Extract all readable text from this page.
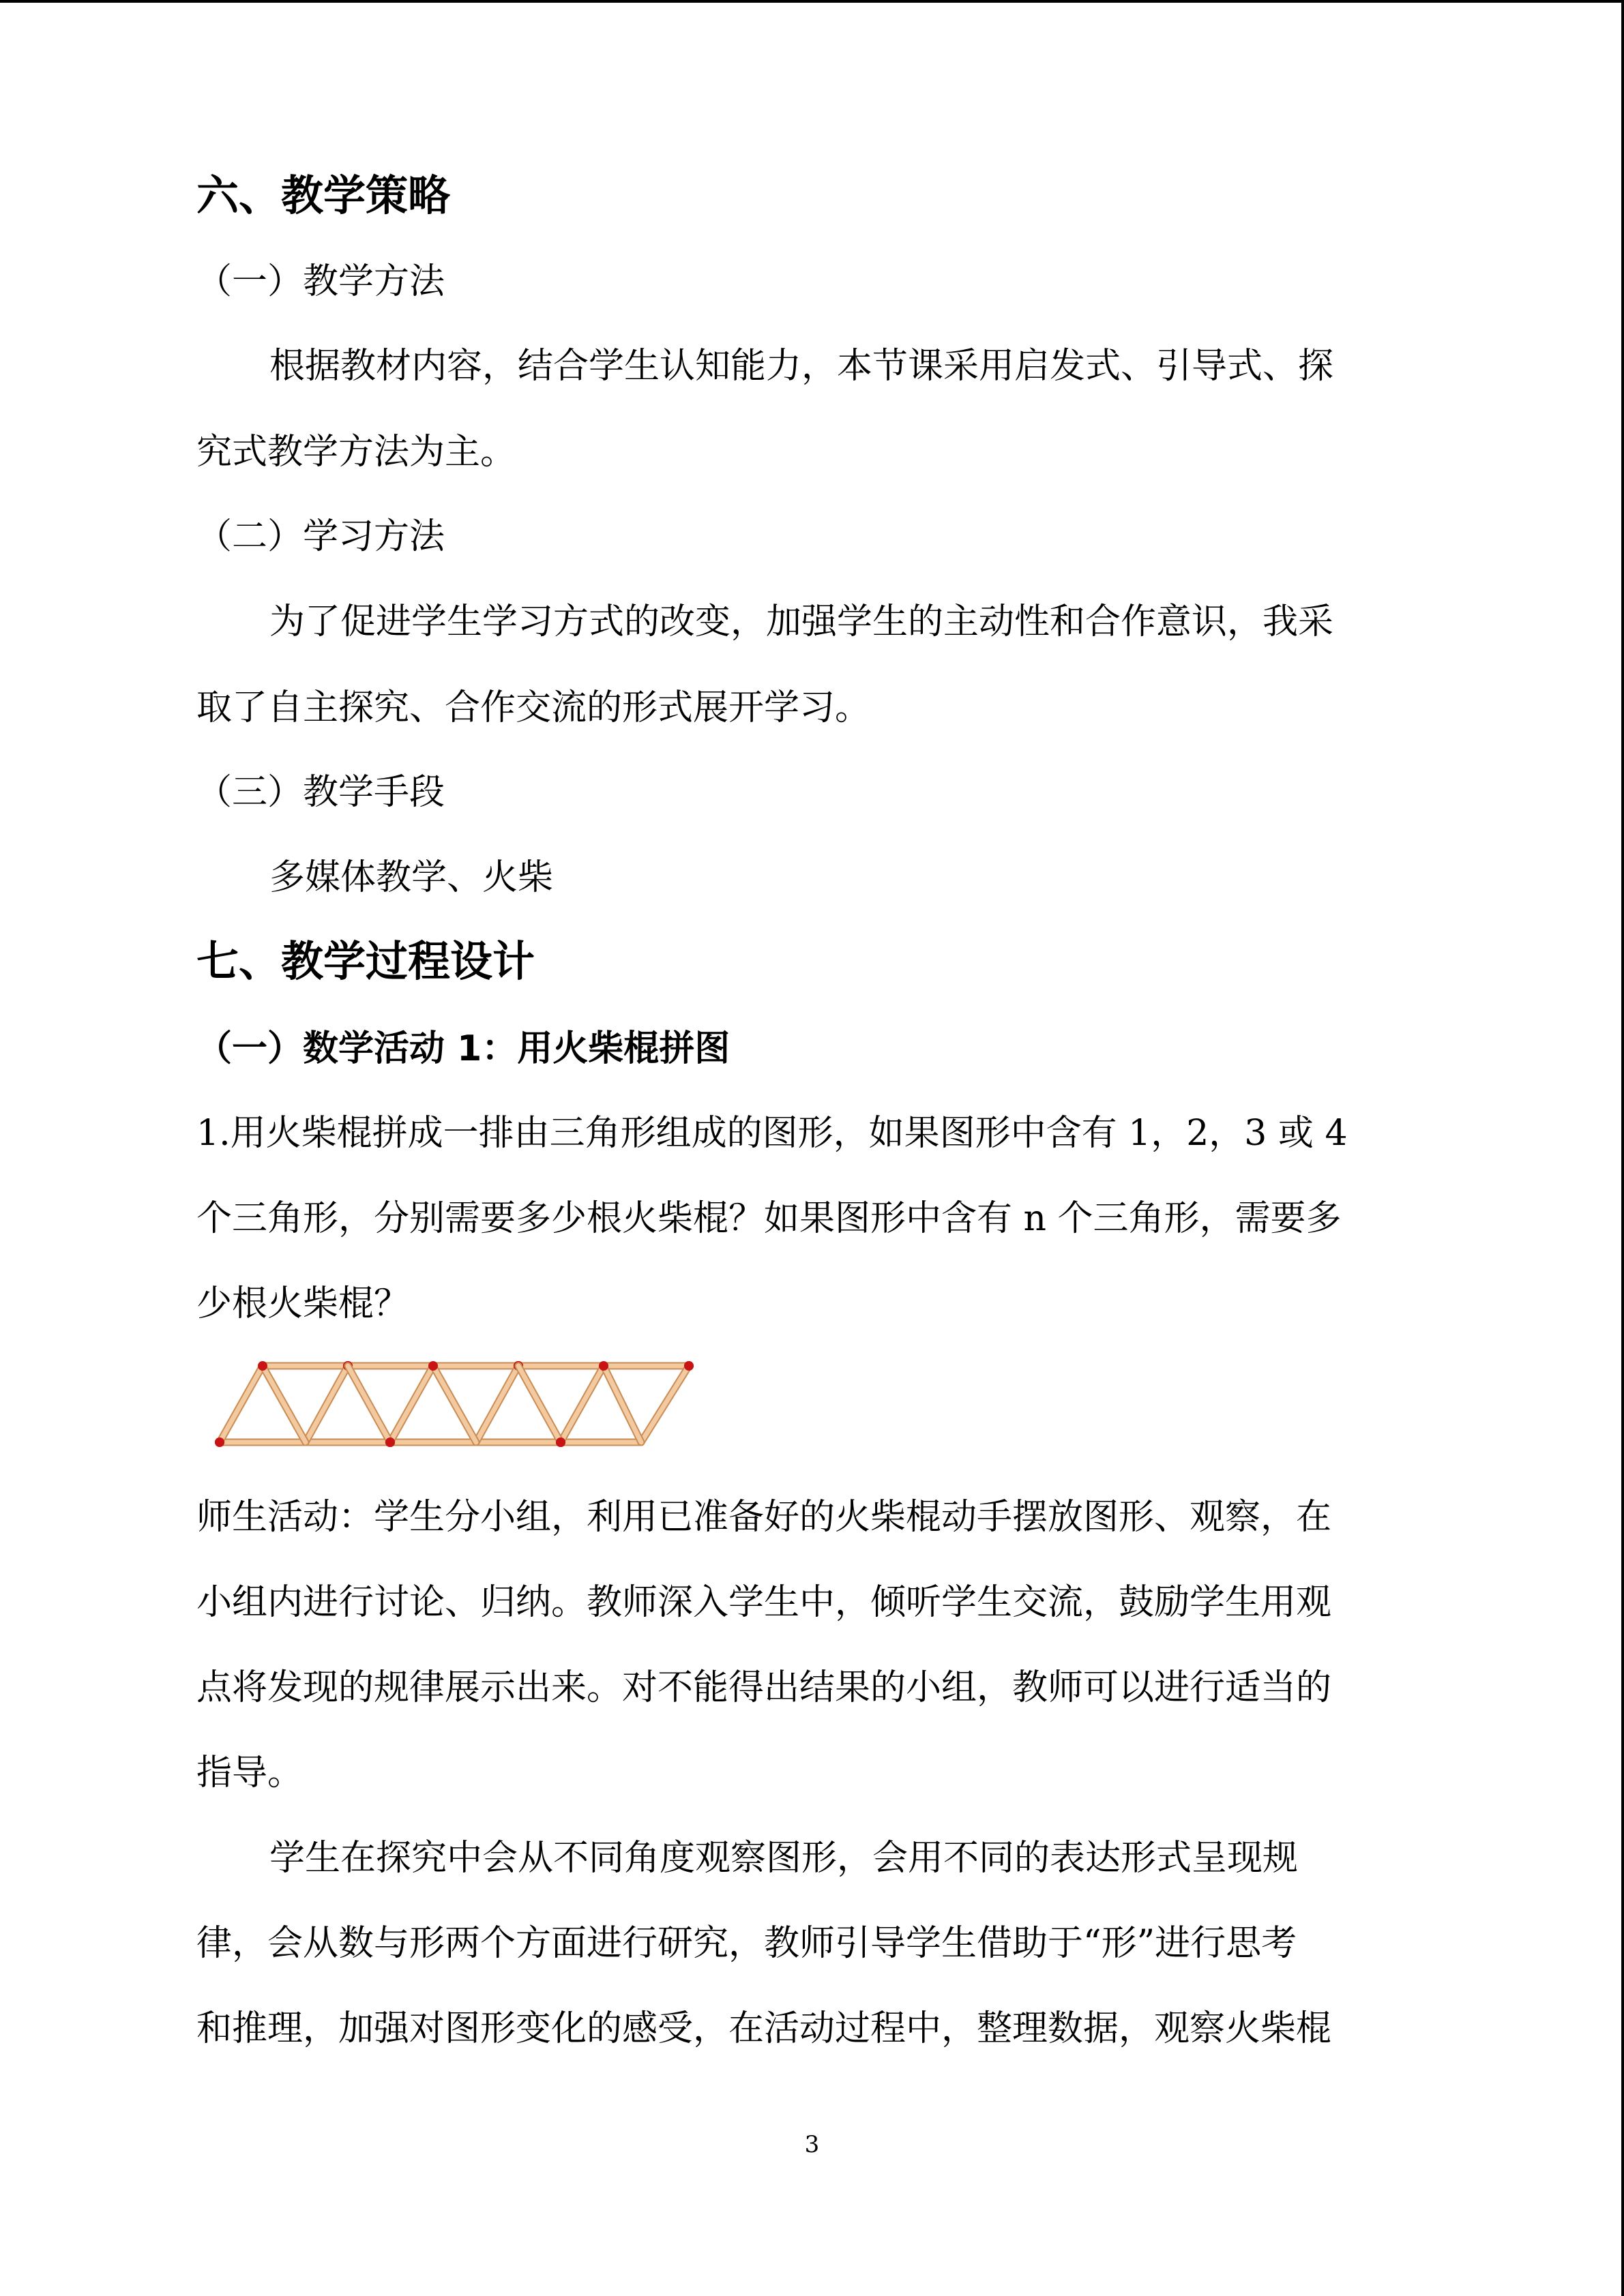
六、教学策略
（一）教学方法
根据教材内容，结合学生认知能力，本节课采用启发式、引导式、探
究式教学方法为主。
（二）学习方法
为了促进学生学习方式的改变，加强学生的主动性和合作意识，我采
取了自主探究、合作交流的形式展开学习。
（三）教学手段
多媒体教学、火柴
七、教学过程设计
（一）数学活动 1：用火柴棍拼图
1.用火柴棍拼成一排由三角形组成的图形，如果图形中含有 1，2，3 或 4
个三角形，分别需要多少根火柴棍？如果图形中含有 n 个三角形，需要多
少根火柴棍？
师生活动：学生分小组，利用已准备好的火柴棍动手摆放图形、观察，在
小组内进行讨论、归纳。教师深入学生中，倾听学生交流，鼓励学生用观
点将发现的规律展示出来。对不能得出结果的小组，教师可以进行适当的
指导。
学生在探究中会从不同角度观察图形，会用不同的表达形式呈现规
律，会从数与形两个方面进行研究，教师引导学生借助于“形”进行思考
和推理，加强对图形变化的感受，在活动过程中，整理数据，观察火柴棍
3
